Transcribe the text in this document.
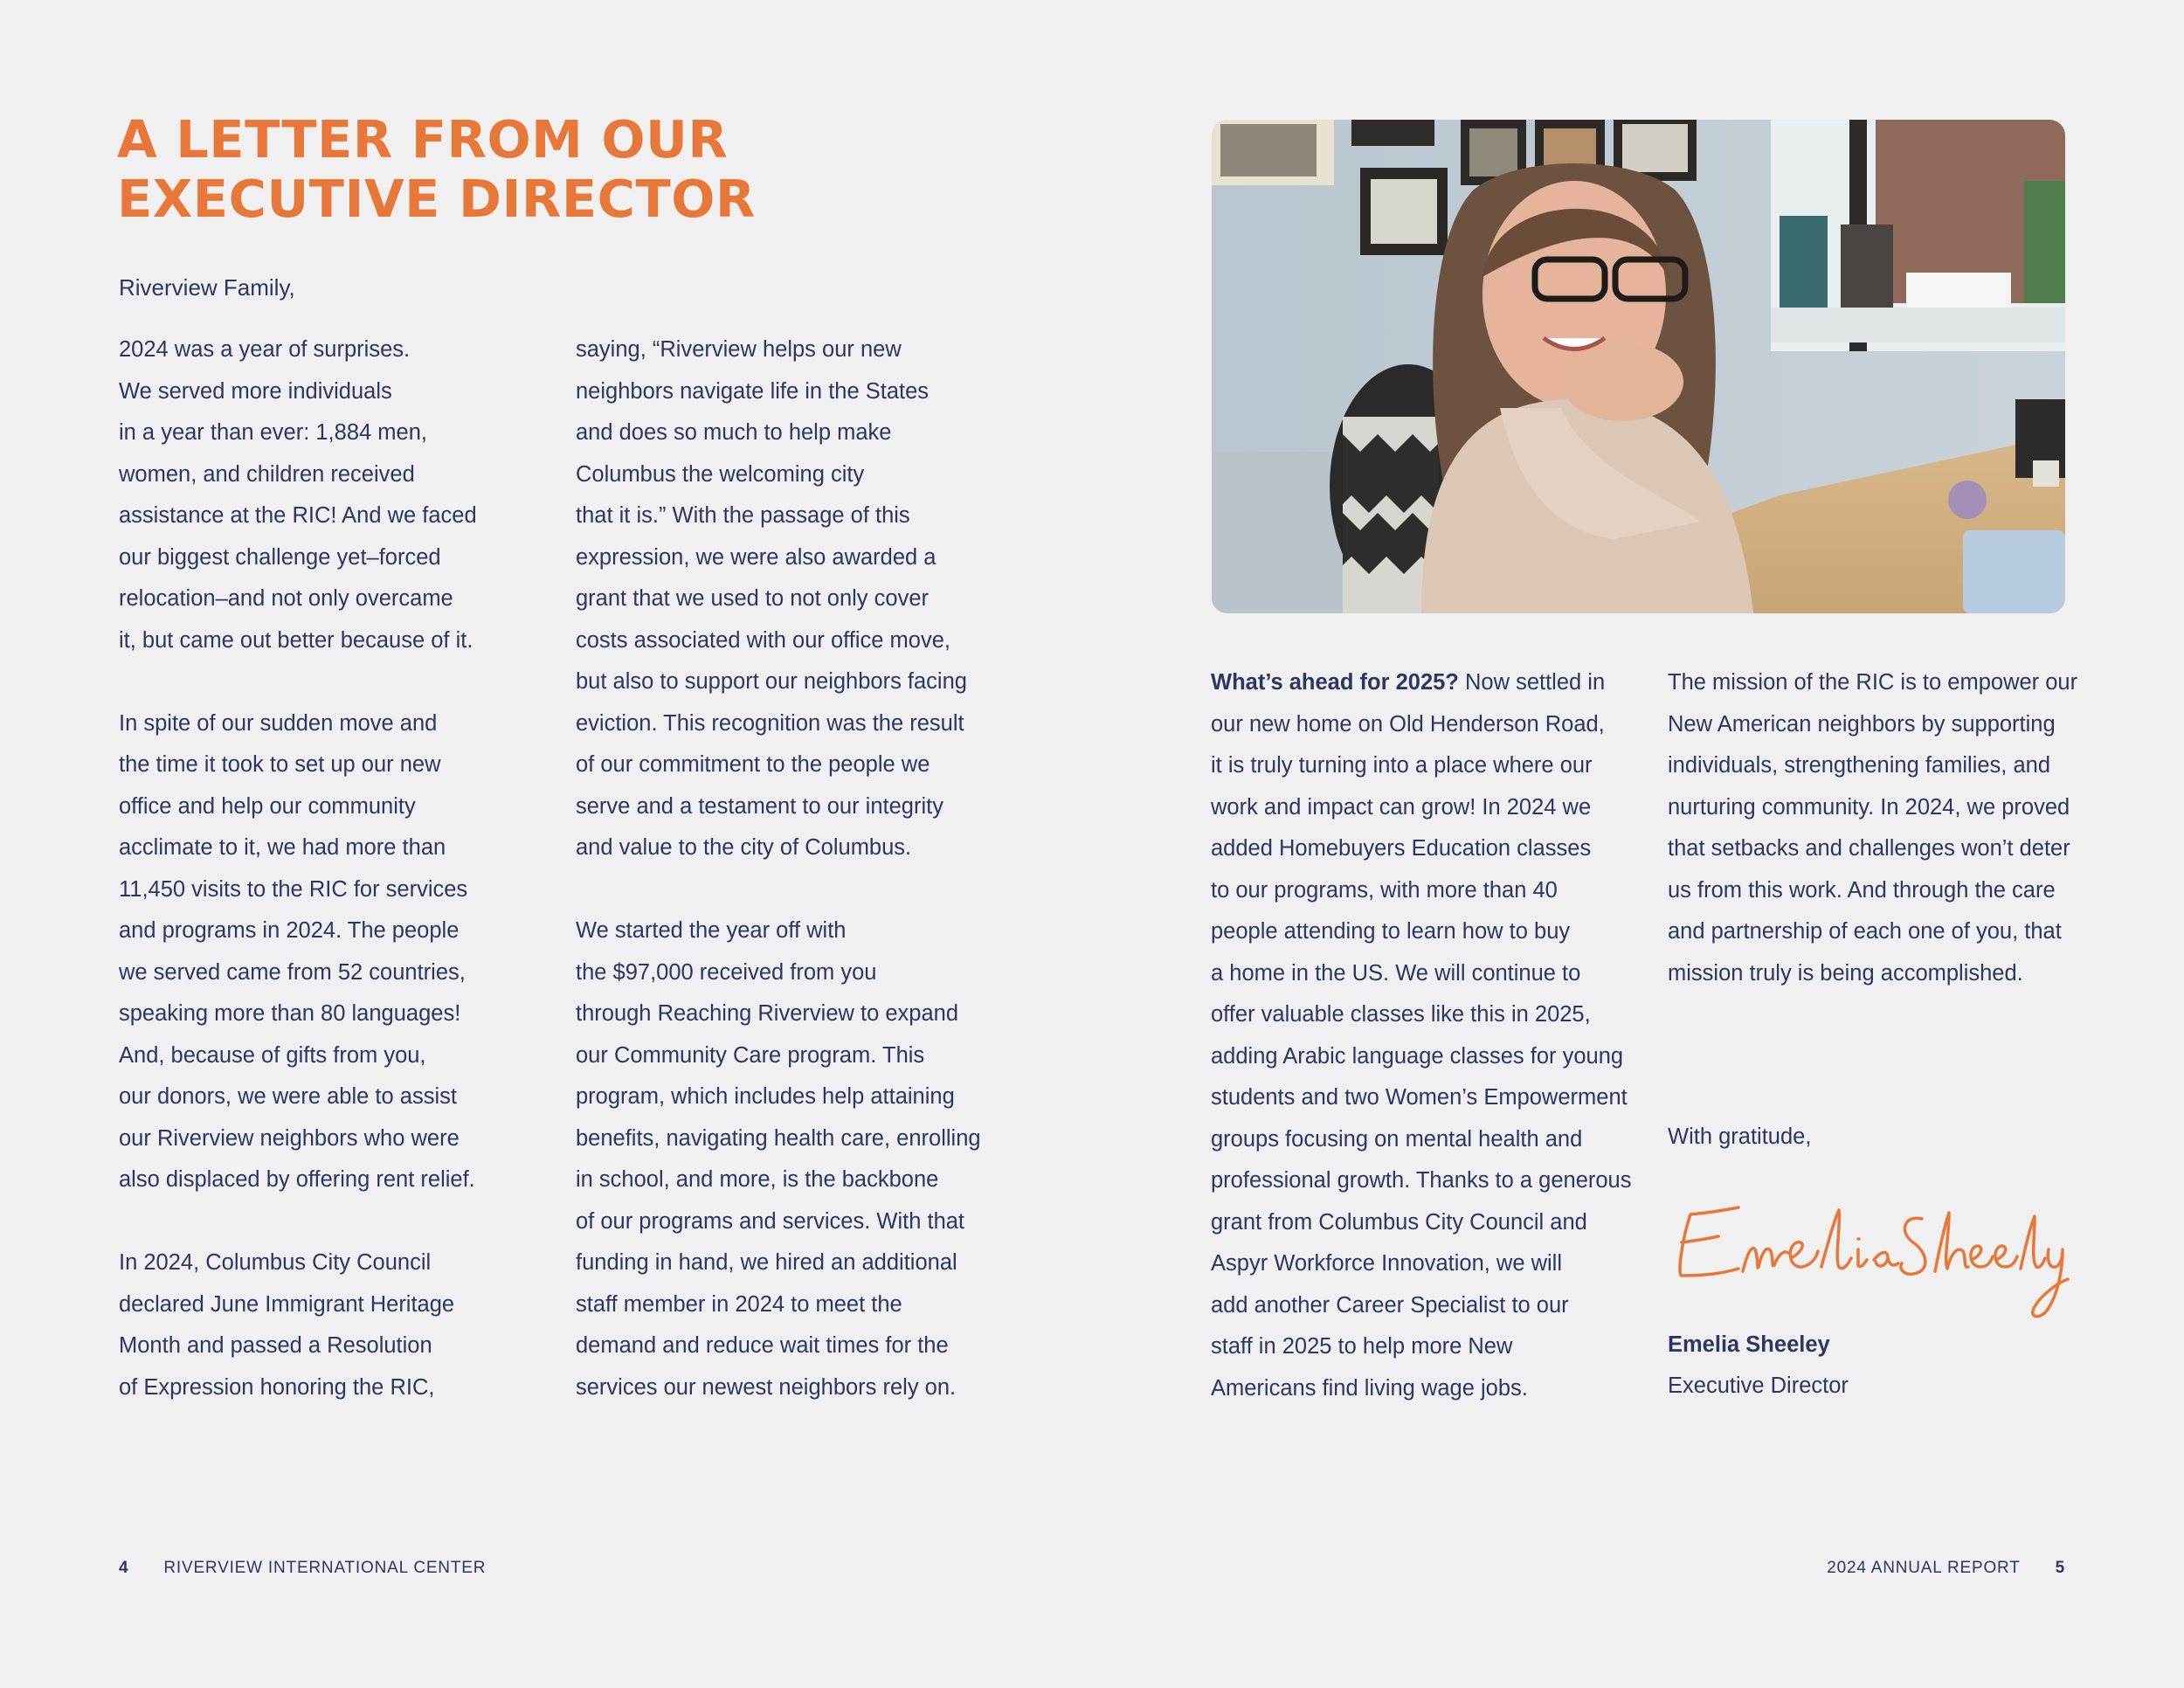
A LETTER FROM OUR
EXECUTIVE DIRECTOR

Riverview Family,

2024 was a year of surprises.
We served more individuals
in a year than ever: 1,884 men,
women, and children received
assistance at the RIC! And we faced
our biggest challenge yet–forced
relocation–and not only overcame
it, but came out better because of it.

In spite of our sudden move and
the time it took to set up our new
office and help our community
acclimate to it, we had more than
11,450 visits to the RIC for services
and programs in 2024. The people
we served came from 52 countries,
speaking more than 80 languages!
And, because of gifts from you,
our donors, we were able to assist
our Riverview neighbors who were
also displaced by offering rent relief.

In 2024, Columbus City Council
declared June Immigrant Heritage
Month and passed a Resolution
of Expression honoring the RIC,

saying, “Riverview helps our new
neighbors navigate life in the States
and does so much to help make
Columbus the welcoming city
that it is.” With the passage of this
expression, we were also awarded a
grant that we used to not only cover
costs associated with our office move,
but also to support our neighbors facing
eviction. This recognition was the result
of our commitment to the people we
serve and a testament to our integrity
and value to the city of Columbus.

We started the year off with
the $97,000 received from you
through Reaching Riverview to expand
our Community Care program. This
program, which includes help attaining
benefits, navigating health care, enrolling
in school, and more, is the backbone
of our programs and services. With that
funding in hand, we hired an additional
staff member in 2024 to meet the
demand and reduce wait times for the
services our newest neighbors rely on.

What’s ahead for 2025? Now settled in

our new home on Old Henderson Road,
it is truly turning into a place where our
work and impact can grow! In 2024 we
added Homebuyers Education classes
to our programs, with more than 40
people attending to learn how to buy
a home in the US. We will continue to
offer valuable classes like this in 2025,
adding Arabic language classes for young
students and two Women’s Empowerment
groups focusing on mental health and
professional growth. Thanks to a generous
grant from Columbus City Council and
Aspyr Workforce Innovation, we will
add another Career Specialist to our
staff in 2025 to help more New
Americans find living wage jobs.

The mission of the RIC is to empower our
New American neighbors by supporting
individuals, strengthening families, and
nurturing community. In 2024, we proved
that setbacks and challenges won’t deter
us from this work. And through the care
and partnership of each one of you, that
mission truly is being accomplished.

With gratitude,
Emelia Sheeley
Executive Director
4 RIVERVIEW INTERNATIONAL CENTER	2024 ANNUAL REPORT 5
